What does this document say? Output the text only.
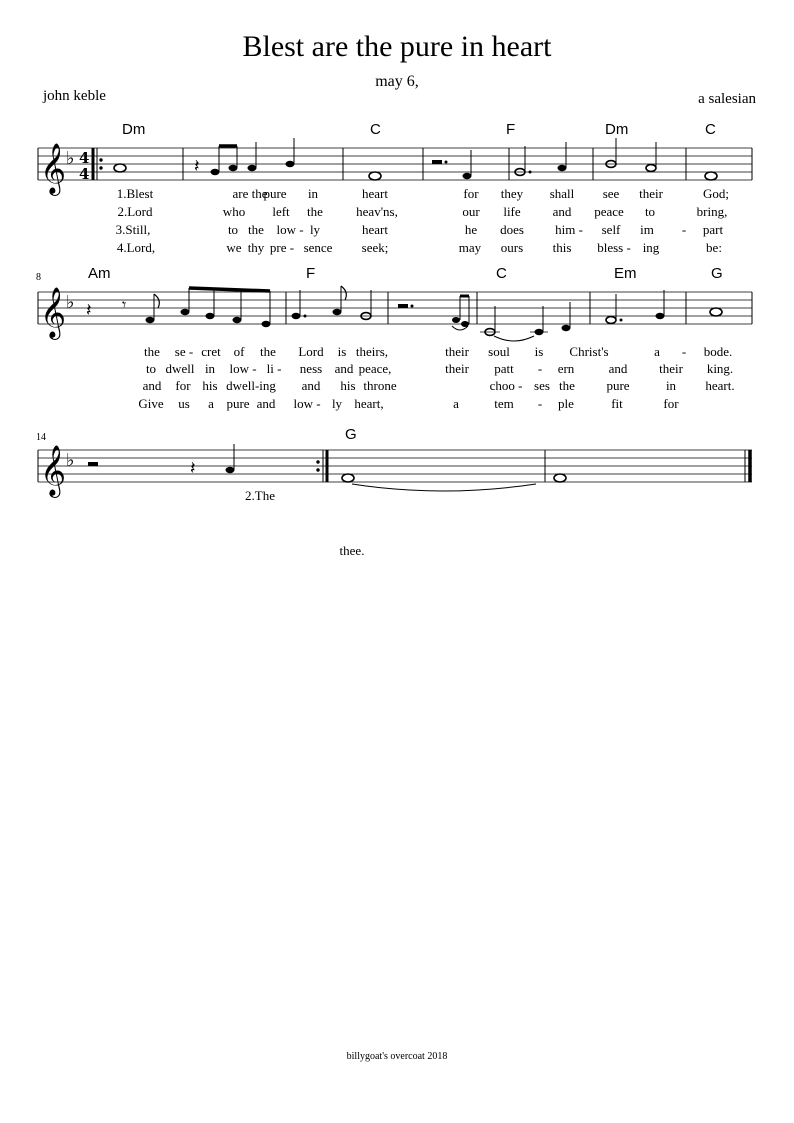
Blest are the pure in heart
may 6,
john keble	a salesian
𝄞 ♭ 4
4	𝄽
𝄞 ♭ 𝄽 𝄾
𝄞 ♭	𝄽
8
14
Dm	C	F	Dm	C
Am	F	C	Em	G
G
1.Blest	are the
pure in	heart	for they shall see their	God;
2.Lord	who left the	heav'ns,	our life and peace to	bring,
3.Still,	to the low - ly	heart	he does him - self im - part
4.Lord,	we thy pre - sence seek;	may ours this bless - ing	be:
the se - cret of the Lord is theirs,	their soul is Christ's	a - bode.
to dwell in low - li - ness and peace,	their patt - ern	and their king.
and for his dwell-ing and his throne	choo - ses the pure	in heart.
Give us a pure and low - ly heart,	a	tem - ple	fit	for
2.The
thee.
billygoat's overcoat 2018
